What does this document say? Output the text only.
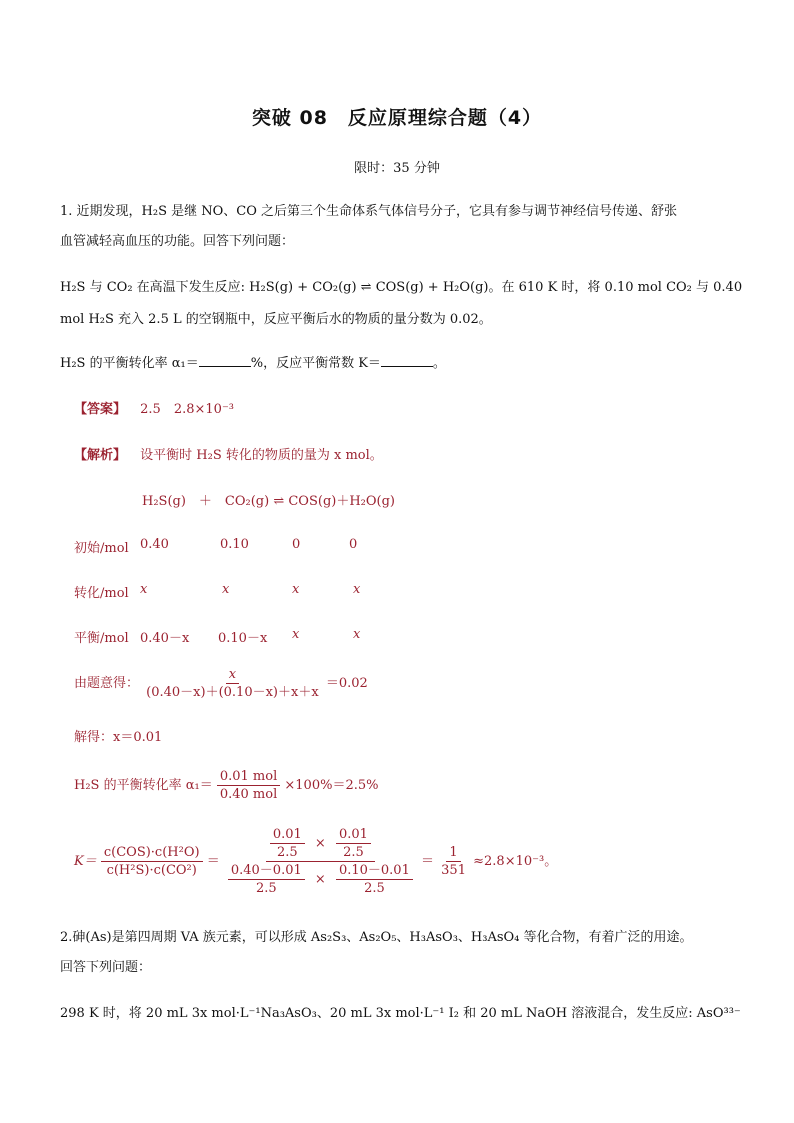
突破 08　反应原理综合题（4）
限时：35 分钟
1. 近期发现，H₂S 是继 NO、CO 之后第三个生命体系气体信号分子，它具有参与调节神经信号传递、舒张
血管减轻高血压的功能。回答下列问题：
H₂S 与 CO₂ 在高温下发生反应: H₂S(g) + CO₂(g) ⇌ COS(g) + H₂O(g)。在 610 K 时，将 0.10 mol CO₂ 与 0.40
mol H₂S 充入 2.5 L 的空钢瓶中，反应平衡后水的物质的量分数为 0.02。
H₂S 的平衡转化率 α₁＝	%，反应平衡常数 K＝	。
【答案】 2.5　2.8×10⁻³
【解析】 设平衡时 H₂S 转化的物质的量为 x mol。
H₂S(g)　＋　CO₂(g) ⇌ COS(g)＋H₂O(g)
初始/mol 0.40	0.10	0	0
转化/mol x	x	x	x
平衡/mol 0.40－x 0.10－x x	x
由题意得： $\frac{x}{(0.40-x)+(0.10-x)+x+x} =0.02$
解得：x＝0.01
H₂S 的平衡转化率 $\alpha_1= \frac{\text{0.01 mol}}{\text{0.40 mol}} \times 100\%=2.5\%$
$K= \frac{\text{c(COS)·c(H²O)}}{\text{c(H²S)·c(CO²)}}$ ＝	$\frac{0.01}{2.5} \times \frac{0.01}{2.5}$
$\frac{0.40-0.01}{2.5} \times \frac{0.10-0.01}{2.5}$
＝ $\frac{1}{351} \approx 2.8\times 10^{-3}$。
2.砷(As)是第四周期 VA 族元素，可以形成 As₂S₃、As₂O₅、H₃AsO₃、H₃AsO₄ 等化合物，有着广泛的用途。
回答下列问题：
298 K 时，将 20 mL 3x mol·L⁻¹Na₃AsO₃、20 mL 3x mol·L⁻¹ I₂ 和 20 mL NaOH 溶液混合，发生反应: AsO³³⁻
